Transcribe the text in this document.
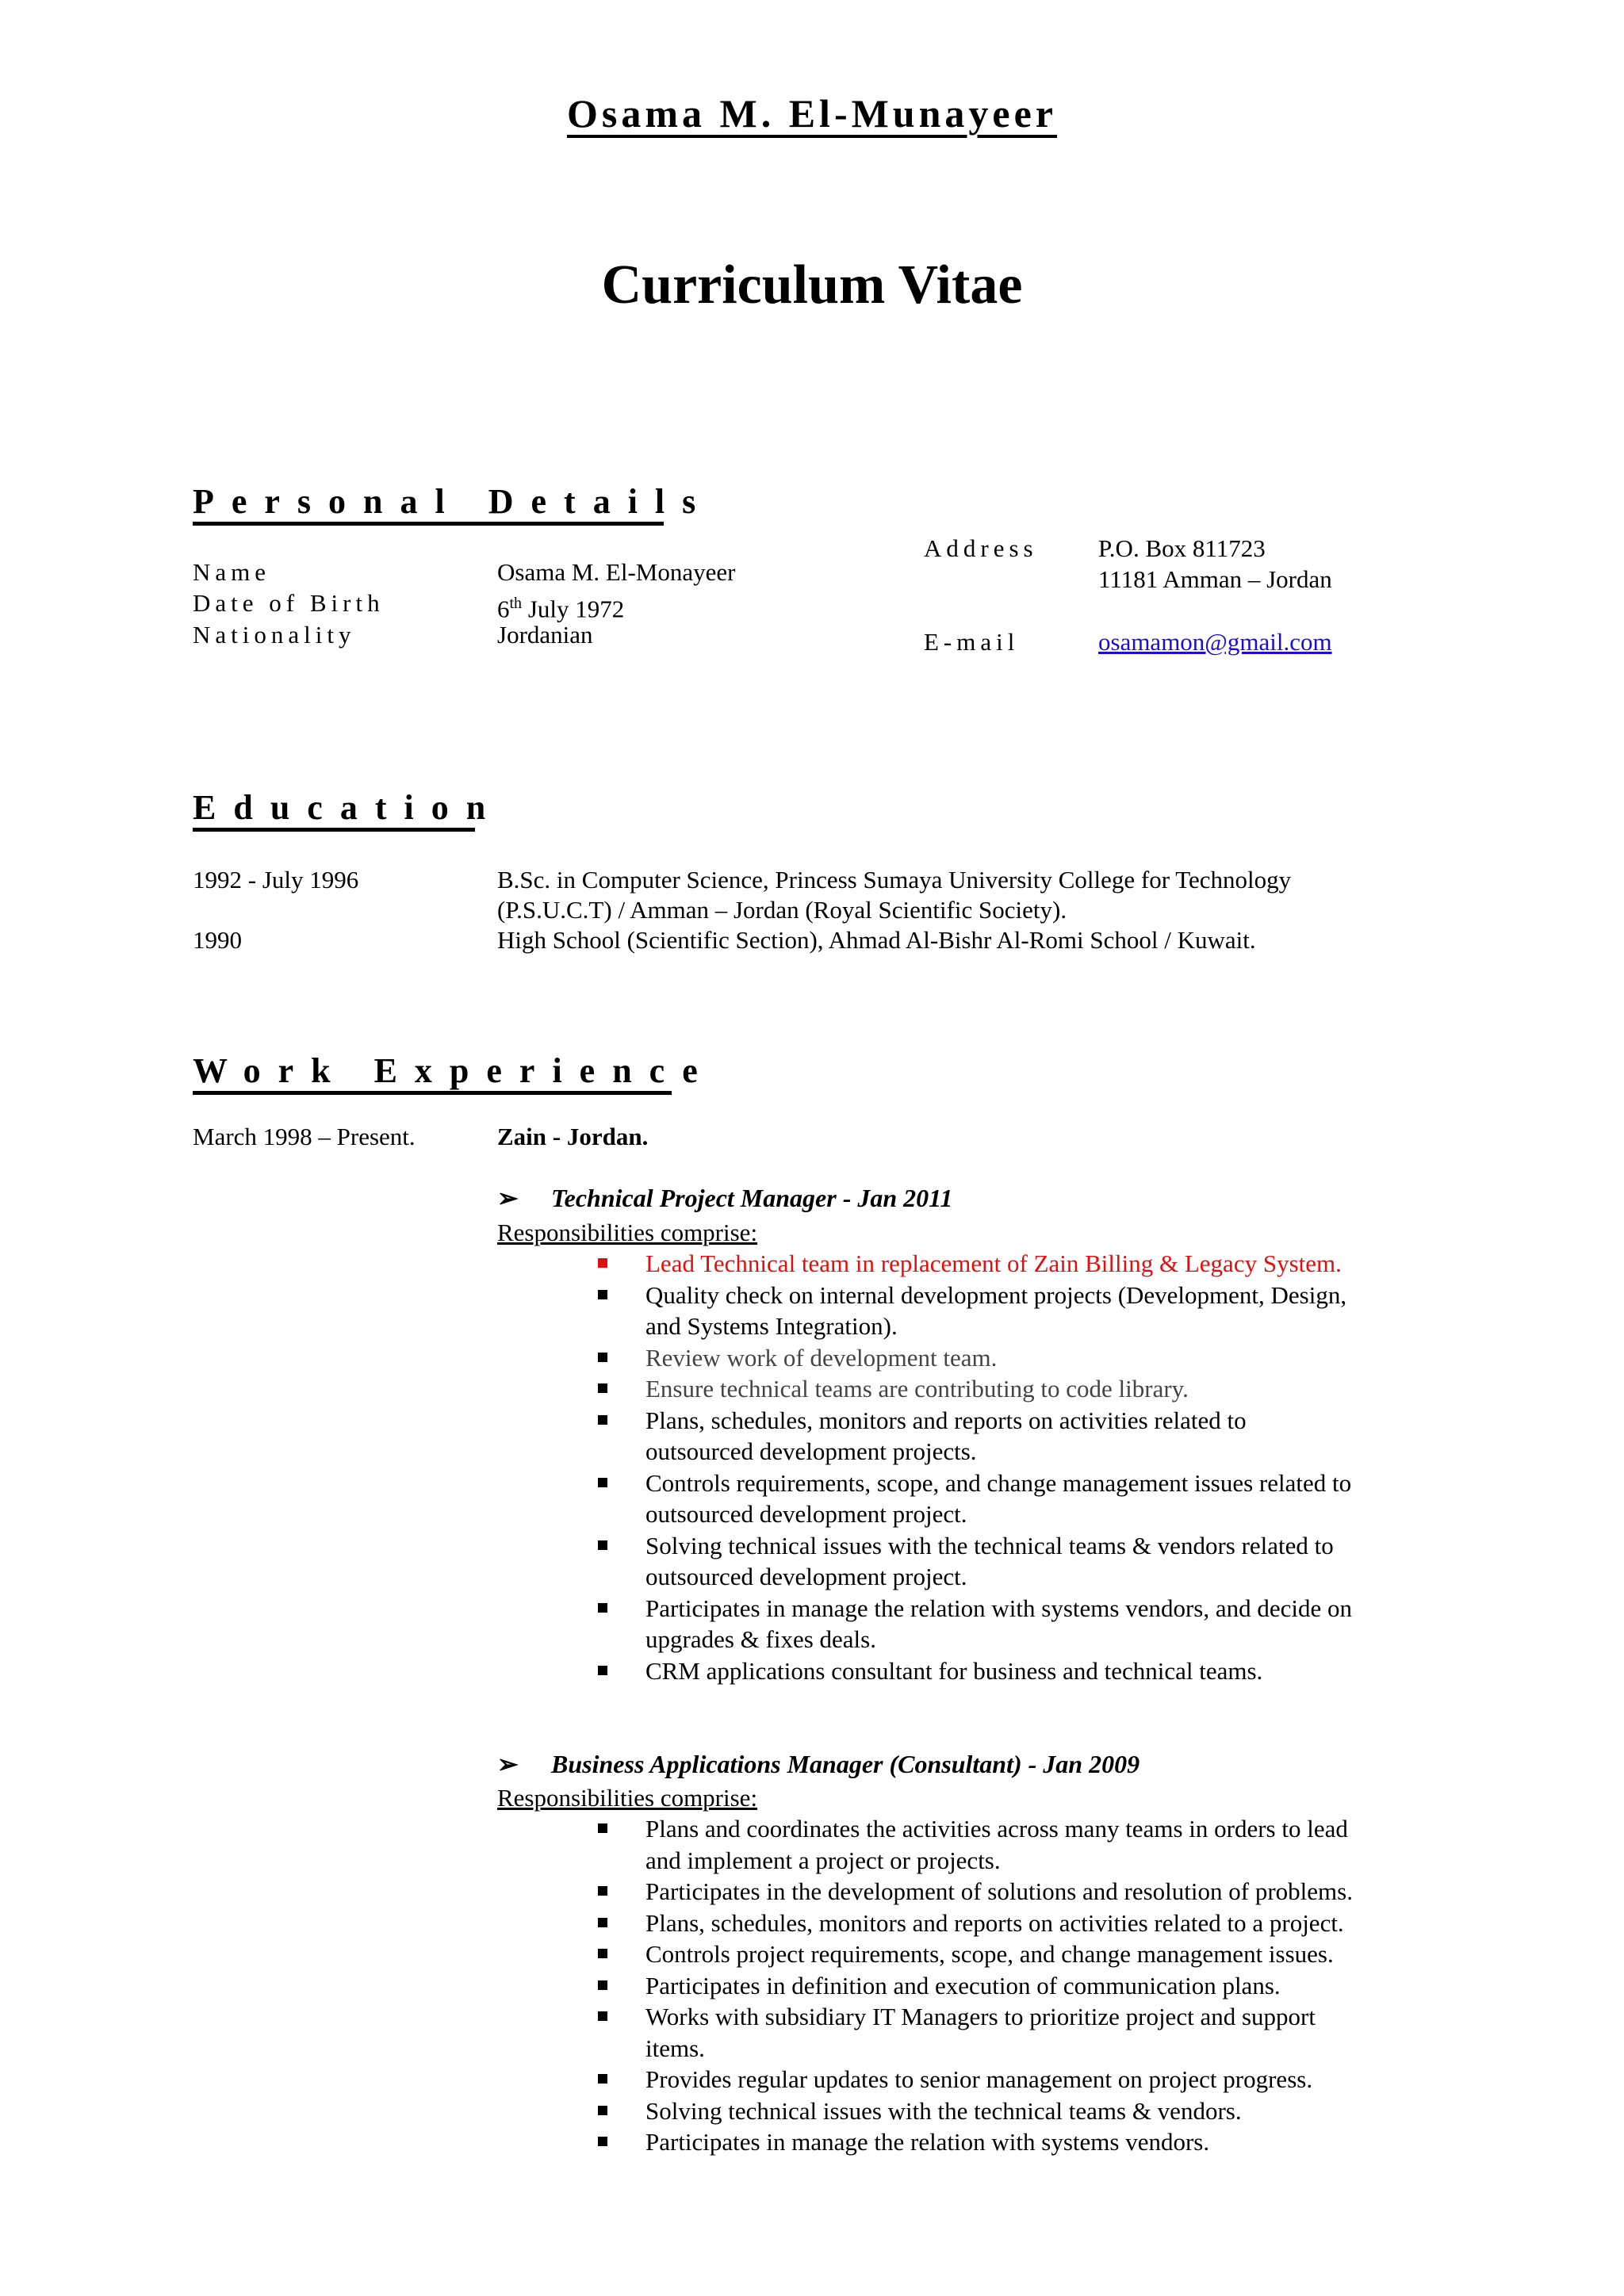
Osama M. El-Munayeer
Curriculum Vitae
Personal Details
Name	Osama M. El-Monayeer
Date of Birth	6th July 1972
Nationality	Jordanian
Address P.O. Box 811723
11181 Amman – Jordan
E-mail	osamamon@gmail.com
Education
1992 - July 1996	B.Sc. in Computer Science, Princess Sumaya University College for Technology
(P.S.U.C.T) / Amman – Jordan (Royal Scientific Society).
1990	High School (Scientific Section), Ahmad Al-Bishr Al-Romi School / Kuwait.
Work Experience
March 1998 – Present.	Zain - Jordan.
➢ Technical Project Manager - Jan 2011
Responsibilities comprise:
Lead Technical team in replacement of Zain Billing & Legacy System.
Quality check on internal development projects (Development, Design,
and Systems Integration).
Review work of development team.
Ensure technical teams are contributing to code library.
Plans, schedules, monitors and reports on activities related to
outsourced development projects.
Controls requirements, scope, and change management issues related to
outsourced development project.
Solving technical issues with the technical teams & vendors related to
outsourced development project.
Participates in manage the relation with systems vendors, and decide on
upgrades & fixes deals.
CRM applications consultant for business and technical teams.
➢ Business Applications Manager (Consultant) - Jan 2009
Responsibilities comprise:
Plans and coordinates the activities across many teams in orders to lead
and implement a project or projects.
Participates in the development of solutions and resolution of problems.
Plans, schedules, monitors and reports on activities related to a project.
Controls project requirements, scope, and change management issues.
Participates in definition and execution of communication plans.
Works with subsidiary IT Managers to prioritize project and support
items.
Provides regular updates to senior management on project progress.
Solving technical issues with the technical teams & vendors.
Participates in manage the relation with systems vendors.
